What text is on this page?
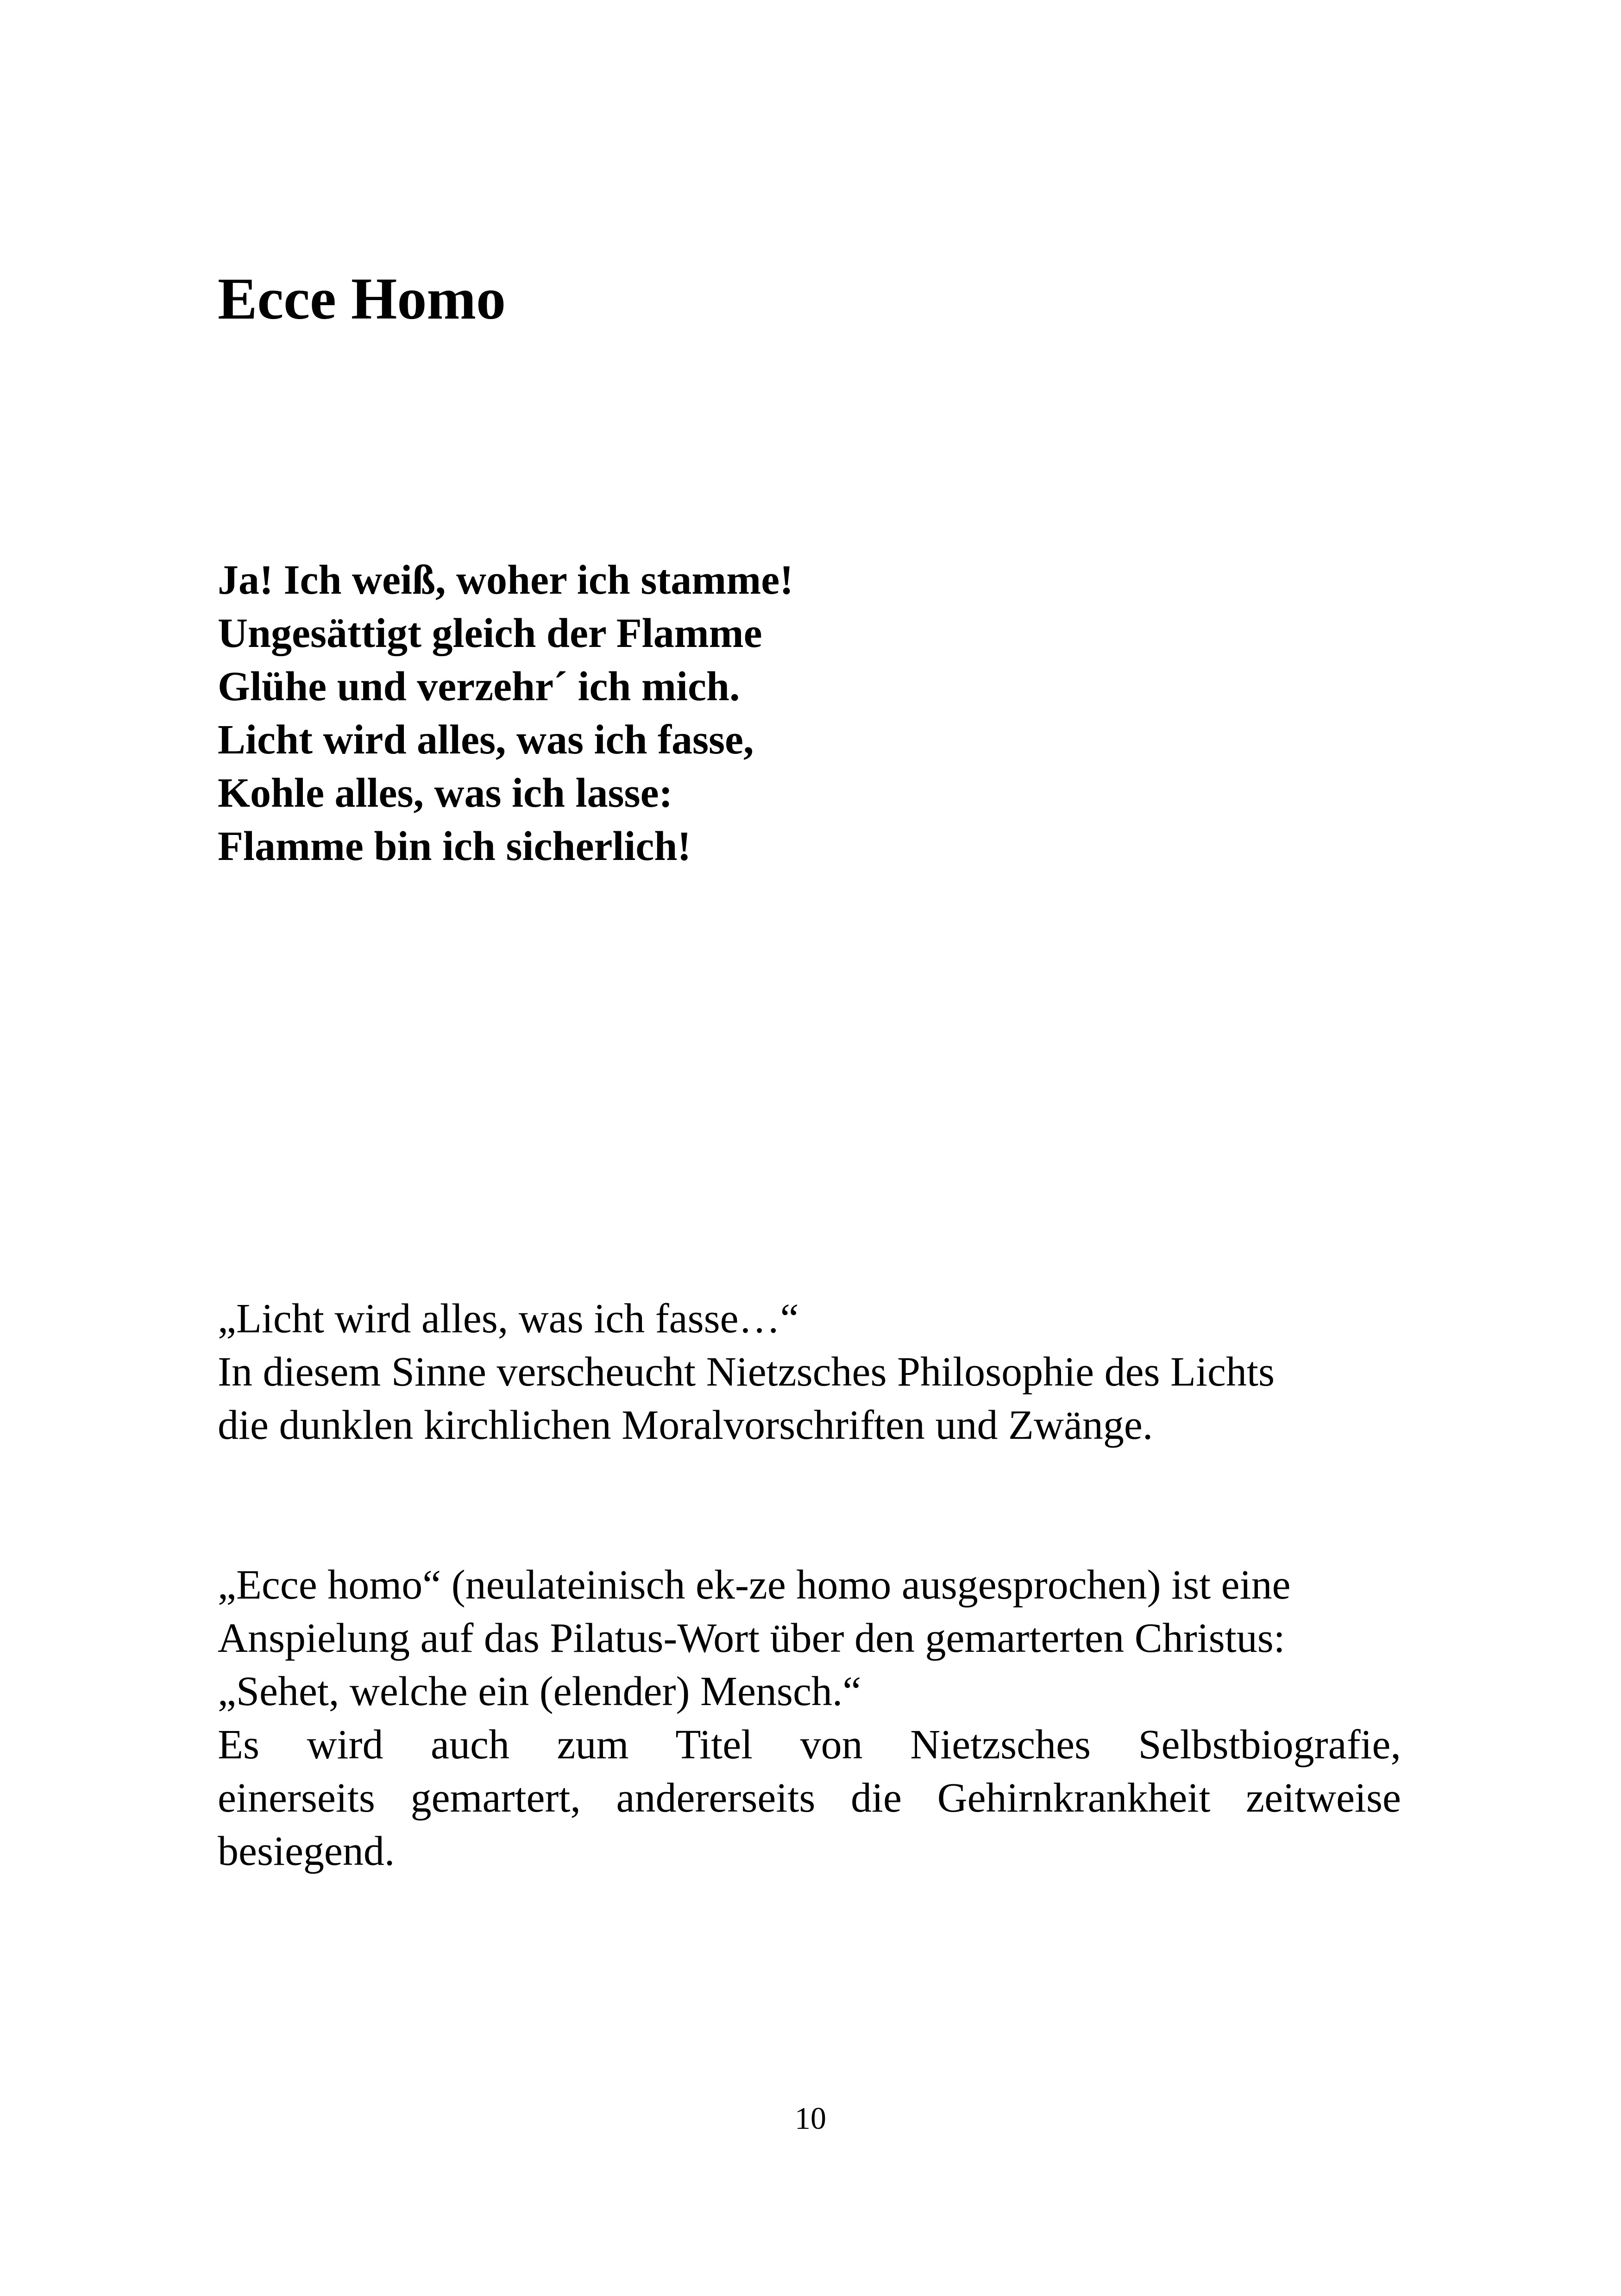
Ecce Homo
Ja! Ich weiß, woher ich stamme!
Ungesättigt gleich der Flamme
Glühe und verzehr´ ich mich.
Licht wird alles, was ich fasse,
Kohle alles, was ich lasse:
Flamme bin ich sicherlich!
„Licht wird alles, was ich fasse…“
In diesem Sinne verscheucht Nietzsches Philosophie des Lichts
die dunklen kirchlichen Moralvorschriften und Zwänge.
„Ecce homo“ (neulateinisch ek-ze homo ausgesprochen) ist eine
Anspielung auf das Pilatus-Wort über den gemarterten Christus:
„Sehet, welche ein (elender) Mensch.“
Es wird auch zum Titel von Nietzsches Selbstbiografie,
einerseits gemartert, andererseits die Gehirnkrankheit zeitweise
besiegend.
10
